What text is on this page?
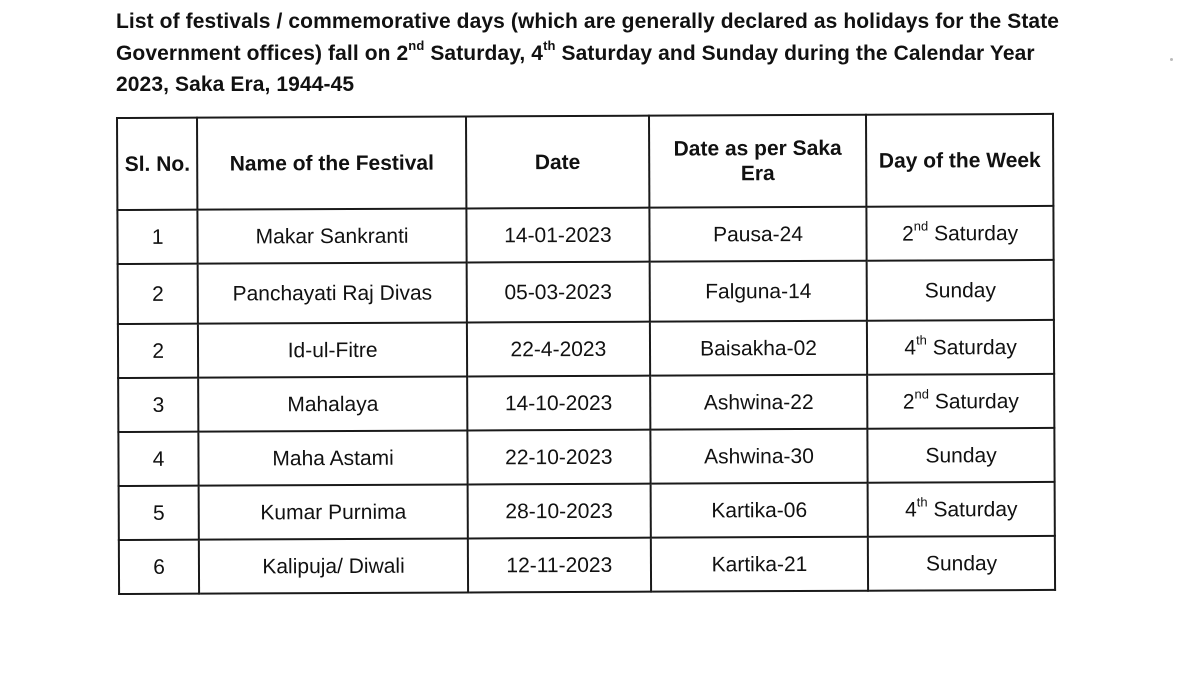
List of festivals / commemorative days (which are generally declared as holidays for the State Government offices) fall on 2nd Saturday, 4th Saturday and Sunday during the Calendar Year 2023, Saka Era, 1944-45
Sl. No.	Name of the Festival	Date	Date as per Saka Era	Day of the Week
1	Makar Sankranti	14-01-2023	Pausa-24	2nd Saturday
2	Panchayati Raj Divas	05-03-2023	Falguna-14	Sunday
2	Id-ul-Fitre	22-4-2023	Baisakha-02	4th Saturday
3	Mahalaya	14-10-2023	Ashwina-22	2nd Saturday
4	Maha Astami	22-10-2023	Ashwina-30	Sunday
5	Kumar Purnima	28-10-2023	Kartika-06	4th Saturday
6	Kalipuja/ Diwali	12-11-2023	Kartika-21	Sunday
